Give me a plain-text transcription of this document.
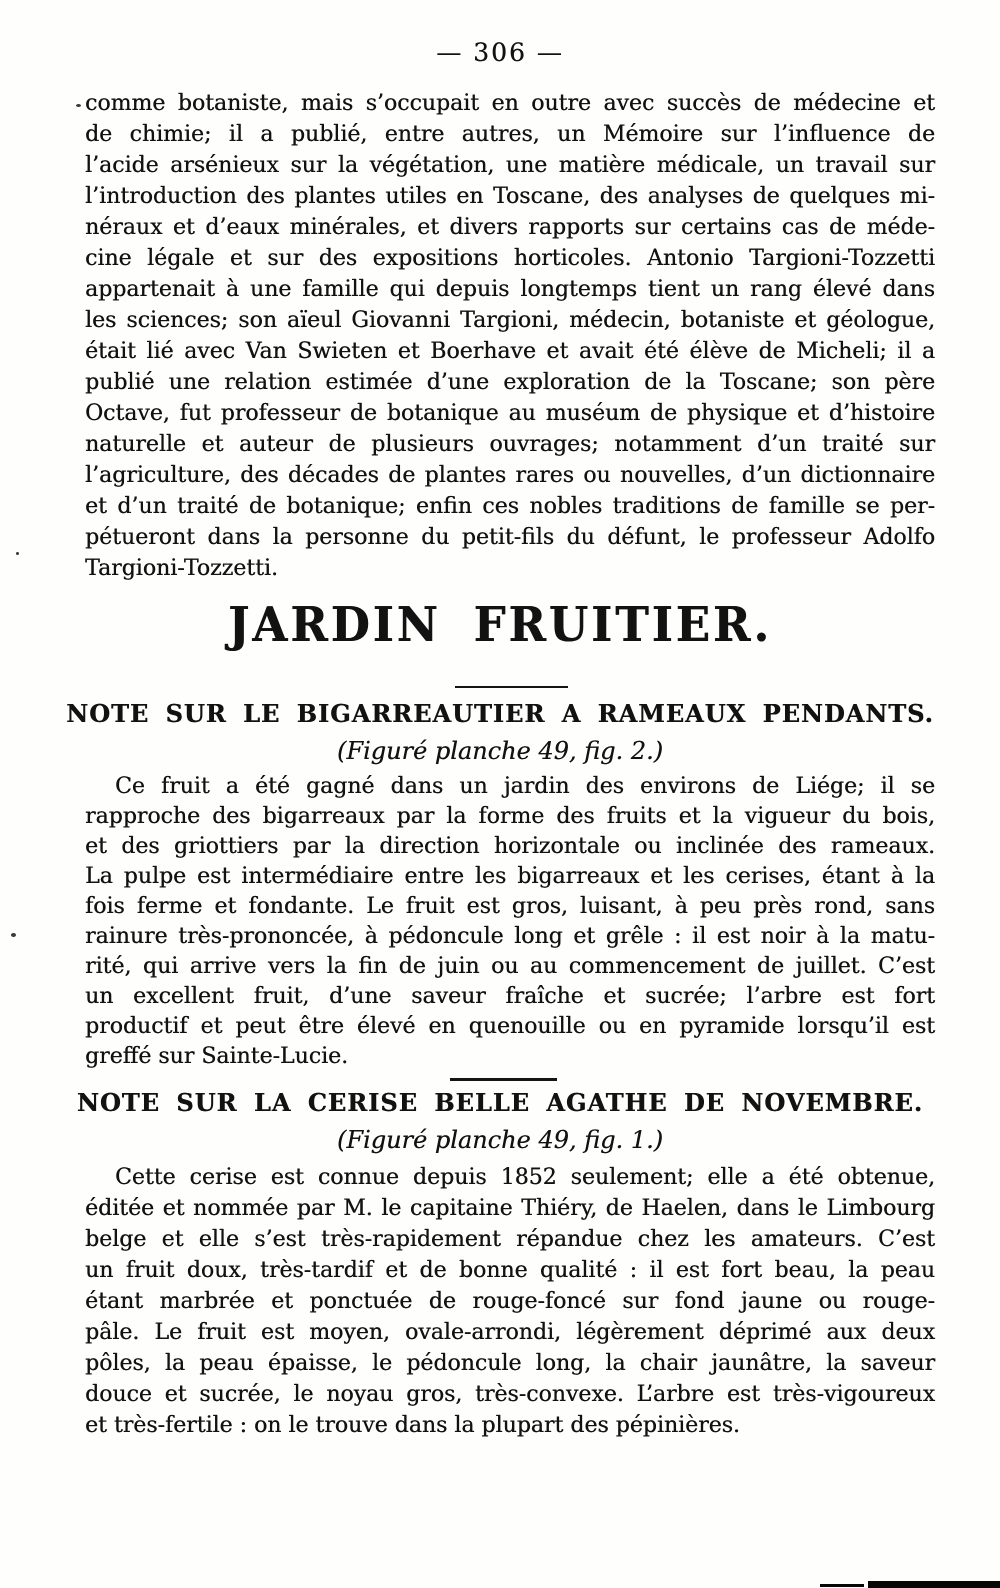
— 306 —
comme botaniste, mais s’occupait en outre avec succès de médecine et
de chimie; il a publié, entre autres, un Mémoire sur l’influence de
l’acide arsénieux sur la végétation, une matière médicale, un travail sur
l’introduction des plantes utiles en Toscane, des analyses de quelques mi-
néraux et d’eaux minérales, et divers rapports sur certains cas de méde-
cine légale et sur des expositions horticoles. Antonio Targioni-Tozzetti
appartenait à une famille qui depuis longtemps tient un rang élevé dans
les sciences; son aïeul Giovanni Targioni, médecin, botaniste et géologue,
était lié avec Van Swieten et Boerhave et avait été élève de Micheli; il a
publié une relation estimée d’une exploration de la Toscane; son père
Octave, fut professeur de botanique au muséum de physique et d’histoire
naturelle et auteur de plusieurs ouvrages; notamment d’un traité sur
l’agriculture, des décades de plantes rares ou nouvelles, d’un dictionnaire
et d’un traité de botanique; enfin ces nobles traditions de famille se per-
pétueront dans la personne du petit-fils du défunt, le professeur Adolfo
Targioni-Tozzetti.
JARDIN FRUITIER.
NOTE SUR LE BIGARREAUTIER A RAMEAUX PENDANTS.
(Figuré planche 49, fig. 2.)
Ce fruit a été gagné dans un jardin des environs de Liége; il se
rapproche des bigarreaux par la forme des fruits et la vigueur du bois,
et des griottiers par la direction horizontale ou inclinée des rameaux.
La pulpe est intermédiaire entre les bigarreaux et les cerises, étant à la
fois ferme et fondante. Le fruit est gros, luisant, à peu près rond, sans
rainure très-prononcée, à pédoncule long et grêle : il est noir à la matu-
rité, qui arrive vers la fin de juin ou au commencement de juillet. C’est
un excellent fruit, d’une saveur fraîche et sucrée; l’arbre est fort
productif et peut être élevé en quenouille ou en pyramide lorsqu’il est
greffé sur Sainte-Lucie.
NOTE SUR LA CERISE BELLE AGATHE DE NOVEMBRE.
(Figuré planche 49, fig. 1.)
Cette cerise est connue depuis 1852 seulement; elle a été obtenue,
éditée et nommée par M. le capitaine Thiéry, de Haelen, dans le Limbourg
belge et elle s’est très-rapidement répandue chez les amateurs. C’est
un fruit doux, très-tardif et de bonne qualité : il est fort beau, la peau
étant marbrée et ponctuée de rouge-foncé sur fond jaune ou rouge-
pâle. Le fruit est moyen, ovale-arrondi, légèrement déprimé aux deux
pôles, la peau épaisse, le pédoncule long, la chair jaunâtre, la saveur
douce et sucrée, le noyau gros, très-convexe. L’arbre est très-vigoureux
et très-fertile : on le trouve dans la plupart des pépinières.
